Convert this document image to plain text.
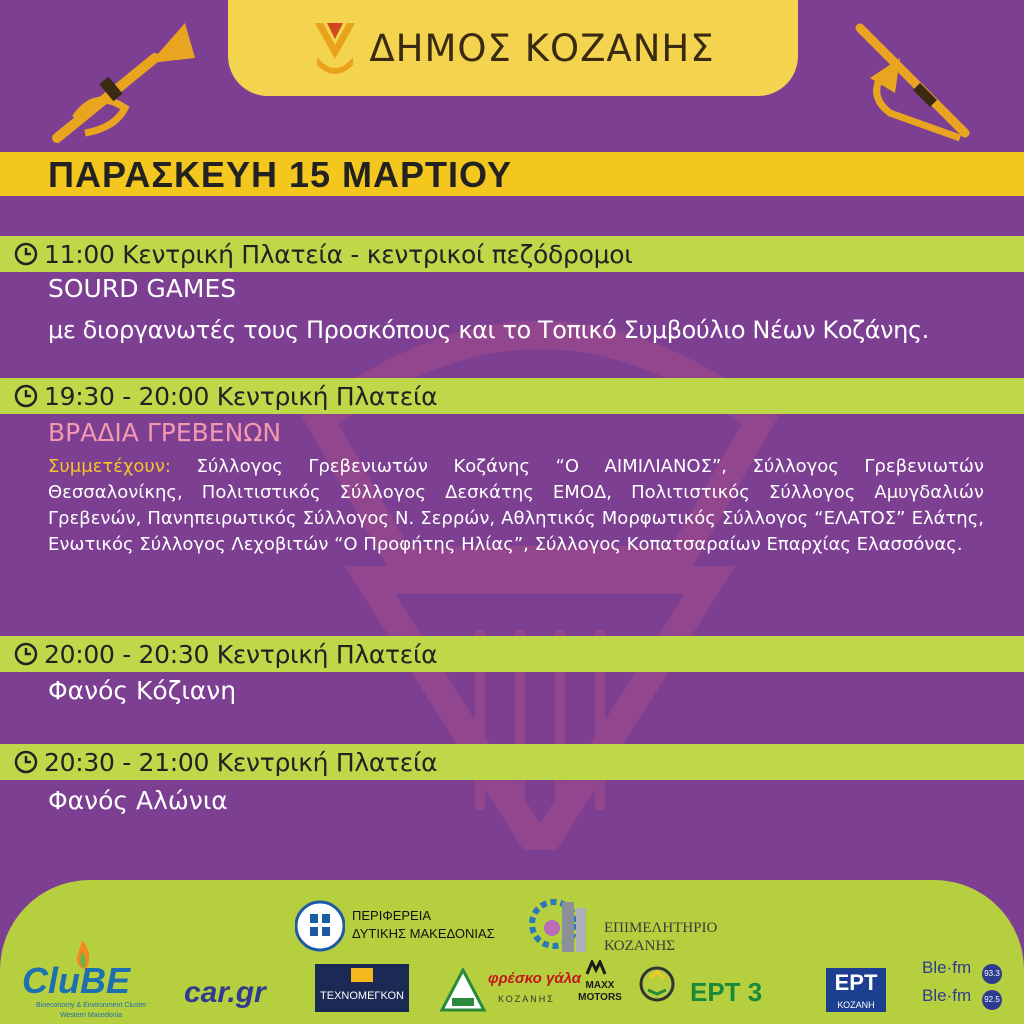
ΔΗΜΟΣ ΚΟΖΑΝΗΣ
ΠΑΡΑΣΚΕΥΗ 15 ΜΑΡΤΙΟΥ
11:00 Κεντρική Πλατεία - κεντρικοί πεζόδρομοι
SOURD GAMES
με διοργανωτές τους Προσκόπους και το Τοπικό Συμβούλιο Νέων Κοζάνης.
19:30 - 20:00 Κεντρική Πλατεία
ΒΡΑΔΙΑ ΓΡΕΒΕΝΩΝ
Συμμετέχουν: Σύλλογος Γρεβενιωτών Κοζάνης “Ο ΑΙΜΙΛΙΑΝΟΣ”, Σύλλογος Γρεβενιωτών Θεσσαλονίκης, Πολιτιστικός Σύλλογος Δεσκάτης ΕΜΟΔ, Πολιτιστικός Σύλλογος Αμυγδαλιών Γρεβενών, Πανηπειρωτικός Σύλλογος Ν. Σερρών, Αθλητικός Μορφωτικός Σύλλογος “ΕΛΑΤΟΣ” Ελάτης, Ενωτικός Σύλλογος Λεχοβιτών “Ο Προφήτης Ηλίας”, Σύλλογος Κοπατσαραίων Επαρχίας Ελασσόνας.
20:00 - 20:30 Κεντρική Πλατεία
Φανός Κόζιανη
20:30 - 21:00 Κεντρική Πλατεία
Φανός Αλώνια
ΠΕΡΙΦΕΡΕΙΑ
ΔΥΤΙΚΗΣ ΜΑΚΕΔΟΝΙΑΣ	ΕΠΙΜΕΛΗΤΗΡΙΟ
ΚΟΖΑΝΗΣ
CluBE
Bioeconomy & Environment Cluster
Western Macedonia
car.gr	ΤΕΧΝΟΜΕΓΚΟΝ
φρέσκο γάλα
ΚΟΖΑΝΗΣ
MAXX MOTORS	ΕΡΤ 3	ΕΡΤ
ΚΟΖΑΝΗ
Ble·fm 93.3
Ble·fm 92.5
